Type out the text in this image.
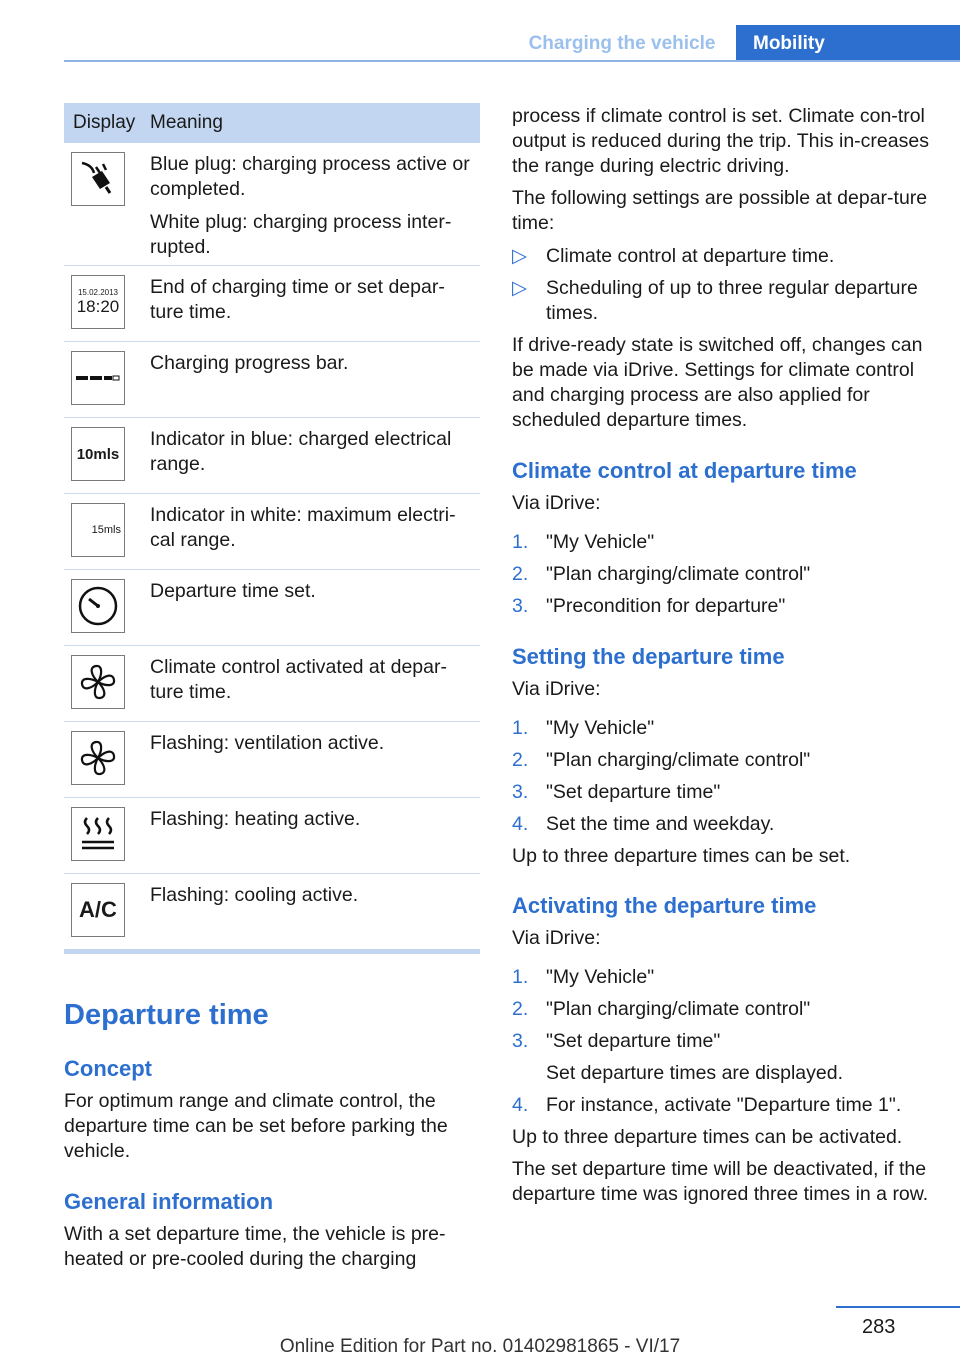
Charging the vehicle	Mobility
Display Meaning

Blue plug: charging process active or completed.

White plug: charging process inter-rupted.

15.02.2013
18:20

End of charging time or set depar-ture time.

Charging progress bar.

10mls

Indicator in blue: charged electrical range.

15mls

Indicator in white: maximum electri-cal range.

Departure time set.

Climate control activated at depar-ture time.

Flashing: ventilation active.

Flashing: heating active.

A/C

Flashing: cooling active.

Departure time
Concept
For optimum range and climate control, the departure time can be set before parking the vehicle.
General information
With a set departure time, the vehicle is pre-heated or pre-cooled during the charging
process if climate control is set. Climate con-trol output is reduced during the trip. This in-creases the range during electric driving.
The following settings are possible at depar-ture time:
▷ Climate control at departure time.
▷ Scheduling of up to three regular departure times.
If drive-ready state is switched off, changes can be made via iDrive. Settings for climate control and charging process are also applied for scheduled departure times.
Climate control at departure time
Via iDrive:
1. "My Vehicle"
2. "Plan charging/climate control"
3. "Precondition for departure"
Setting the departure time
Via iDrive:
1. "My Vehicle"
2. "Plan charging/climate control"
3. "Set departure time"
4. Set the time and weekday.
Up to three departure times can be set.
Activating the departure time
Via iDrive:
1. "My Vehicle"
2. "Plan charging/climate control"
3. "Set departure time"
Set departure times are displayed.
4. For instance, activate "Departure time 1".
Up to three departure times can be activated.
The set departure time will be deactivated, if the departure time was ignored three times in a row.
283
Online Edition for Part no. 01402981865 - VI/17
